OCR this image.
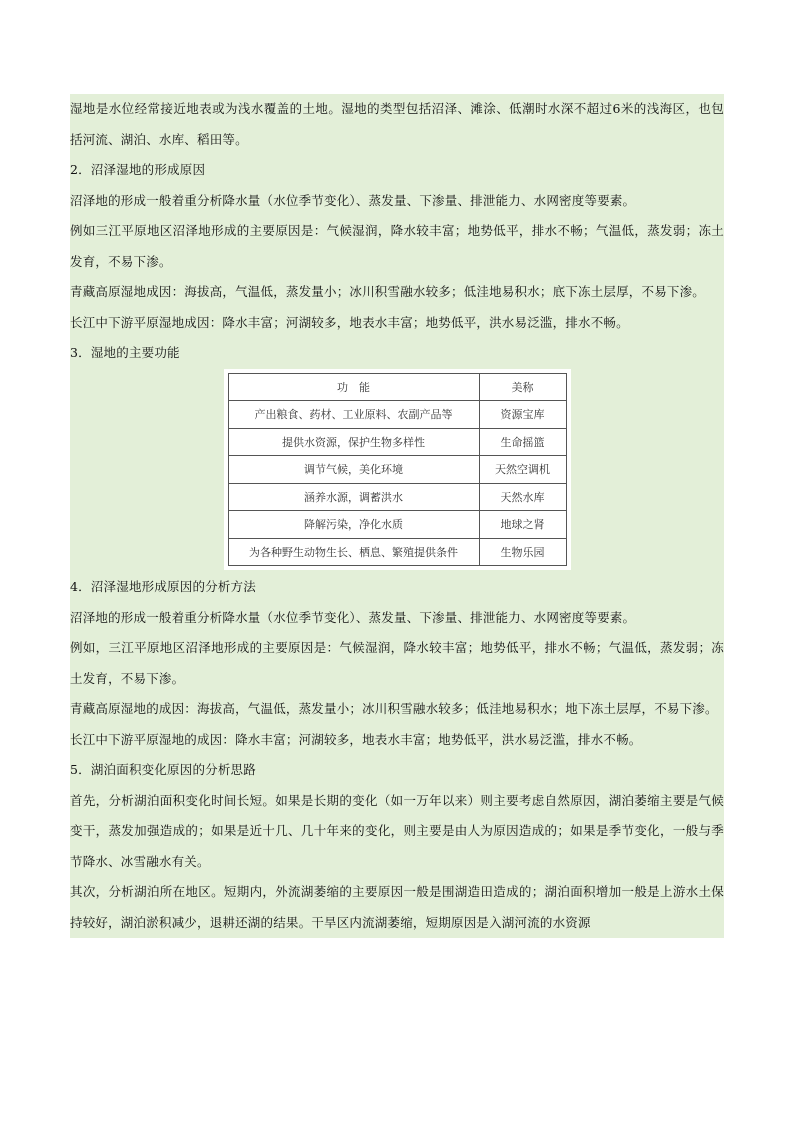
湿地是水位经常接近地表或为浅水覆盖的土地。湿地的类型包括沼泽、滩涂、低潮时水深不超过6米的浅海区，也包括河流、湖泊、水库、稻田等。

2．沼泽湿地的形成原因

沼泽地的形成一般着重分析降水量（水位季节变化）、蒸发量、下渗量、排泄能力、水网密度等要素。

例如三江平原地区沼泽地形成的主要原因是：气候湿润，降水较丰富；地势低平，排水不畅；气温低，蒸发弱；冻土发育，不易下渗。

青藏高原湿地成因：海拔高，气温低，蒸发量小；冰川积雪融水较多；低洼地易积水；底下冻土层厚，不易下渗。

长江中下游平原湿地成因：降水丰富；河湖较多，地表水丰富；地势低平，洪水易泛滥，排水不畅。

3．湿地的主要功能

功　能	美称
产出粮食、药材、工业原料、农副产品等	资源宝库
提供水资源，保护生物多样性	生命摇篮
调节气候，美化环境	天然空调机
涵养水源，调蓄洪水	天然水库
降解污染，净化水质	地球之肾
为各种野生动物生长、栖息、繁殖提供条件	生物乐园

4．沼泽湿地形成原因的分析方法

沼泽地的形成一般着重分析降水量（水位季节变化）、蒸发量、下渗量、排泄能力、水网密度等要素。

例如，三江平原地区沼泽地形成的主要原因是：气候湿润，降水较丰富；地势低平，排水不畅；气温低，蒸发弱；冻土发育，不易下渗。

青藏高原湿地的成因：海拔高，气温低，蒸发量小；冰川积雪融水较多；低洼地易积水；地下冻土层厚，不易下渗。

长江中下游平原湿地的成因：降水丰富；河湖较多，地表水丰富；地势低平，洪水易泛滥，排水不畅。

5．湖泊面积变化原因的分析思路

首先，分析湖泊面积变化时间长短。如果是长期的变化（如一万年以来）则主要考虑自然原因，湖泊萎缩主要是气候变干，蒸发加强造成的；如果是近十几、几十年来的变化，则主要是由人为原因造成的；如果是季节变化，一般与季节降水、冰雪融水有关。

其次，分析湖泊所在地区。短期内，外流湖萎缩的主要原因一般是围湖造田造成的；湖泊面积增加一般是上游水土保持较好，湖泊淤积减少，退耕还湖的结果。干旱区内流湖萎缩，短期原因是入湖河流的水资源
